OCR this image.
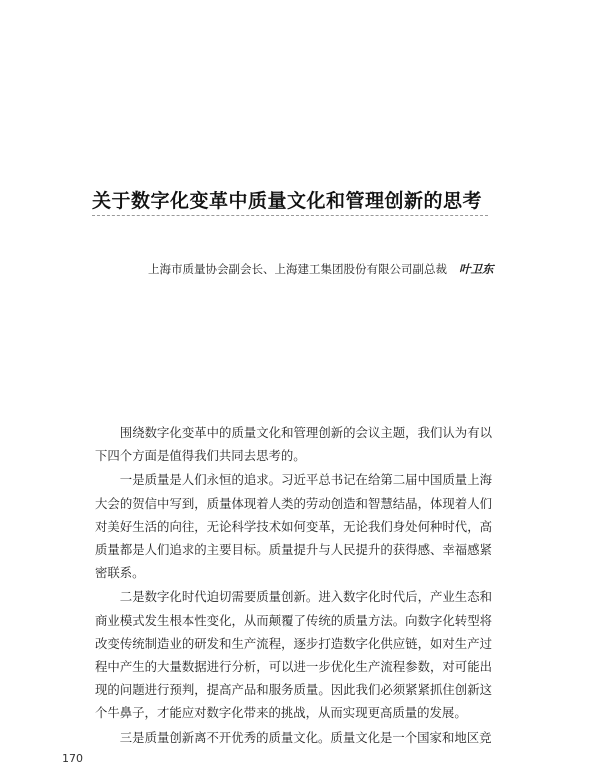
关于数字化变革中质量文化和管理创新的思考
上海市质量协会副会长、上海建工集团股份有限公司副总裁 叶卫东

围绕数字化变革中的质量文化和管理创新的会议主题，我们认为有以下四个方面是值得我们共同去思考的。

一是质量是人们永恒的追求。习近平总书记在给第二届中国质量上海大会的贺信中写到，质量体现着人类的劳动创造和智慧结晶，体现着人们对美好生活的向往，无论科学技术如何变革，无论我们身处何种时代，高质量都是人们追求的主要目标。质量提升与人民提升的获得感、幸福感紧密联系。

二是数字化时代迫切需要质量创新。进入数字化时代后，产业生态和商业模式发生根本性变化，从而颠覆了传统的质量方法。向数字化转型将改变传统制造业的研发和生产流程，逐步打造数字化供应链，如对生产过程中产生的大量数据进行分析，可以进一步优化生产流程参数，对可能出现的问题进行预判，提高产品和服务质量。因此我们必须紧紧抓住创新这个牛鼻子，才能应对数字化带来的挑战，从而实现更高质量的发展。

三是质量创新离不开优秀的质量文化。质量文化是一个国家和地区竞

170
